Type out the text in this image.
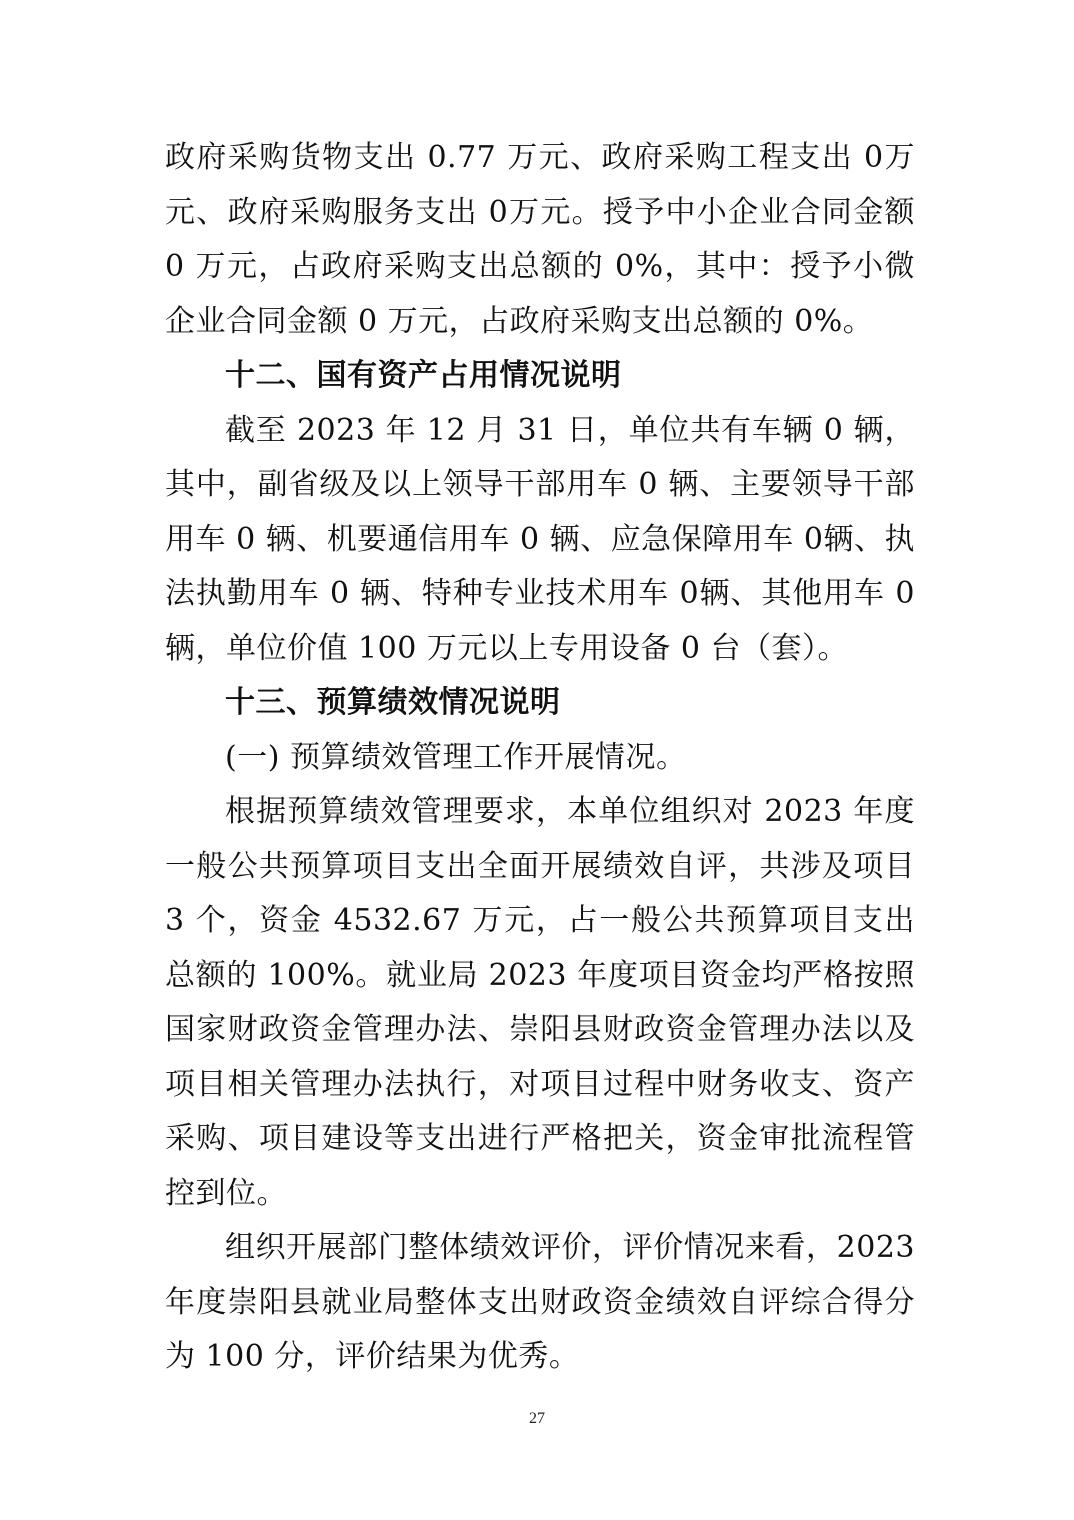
政府采购货物支出 0.77 万元、政府采购工程支出 0万元、政府采购服务支出 0万元。授予中小企业合同金额 0 万元，占政府采购支出总额的 0%，其中：授予小微企业合同金额 0 万元，占政府采购支出总额的 0%。

十二、国有资产占用情况说明

截至 2023 年 12 月 31 日，单位共有车辆 0 辆，其中，副省级及以上领导干部用车 0 辆、主要领导干部用车 0 辆、机要通信用车 0 辆、应急保障用车 0辆、执法执勤用车 0 辆、特种专业技术用车 0辆、其他用车 0 辆，单位价值 100 万元以上专用设备 0 台（套）。

十三、预算绩效情况说明

(一) 预算绩效管理工作开展情况。

根据预算绩效管理要求，本单位组织对 2023 年度一般公共预算项目支出全面开展绩效自评，共涉及项目 3 个，资金 4532.67 万元，占一般公共预算项目支出总额的 100%。就业局 2023 年度项目资金均严格按照国家财政资金管理办法、崇阳县财政资金管理办法以及项目相关管理办法执行，对项目过程中财务收支、资产采购、项目建设等支出进行严格把关，资金审批流程管控到位。

组织开展部门整体绩效评价，评价情况来看，2023 年度崇阳县就业局整体支出财政资金绩效自评综合得分为 100 分，评价结果为优秀。

27
